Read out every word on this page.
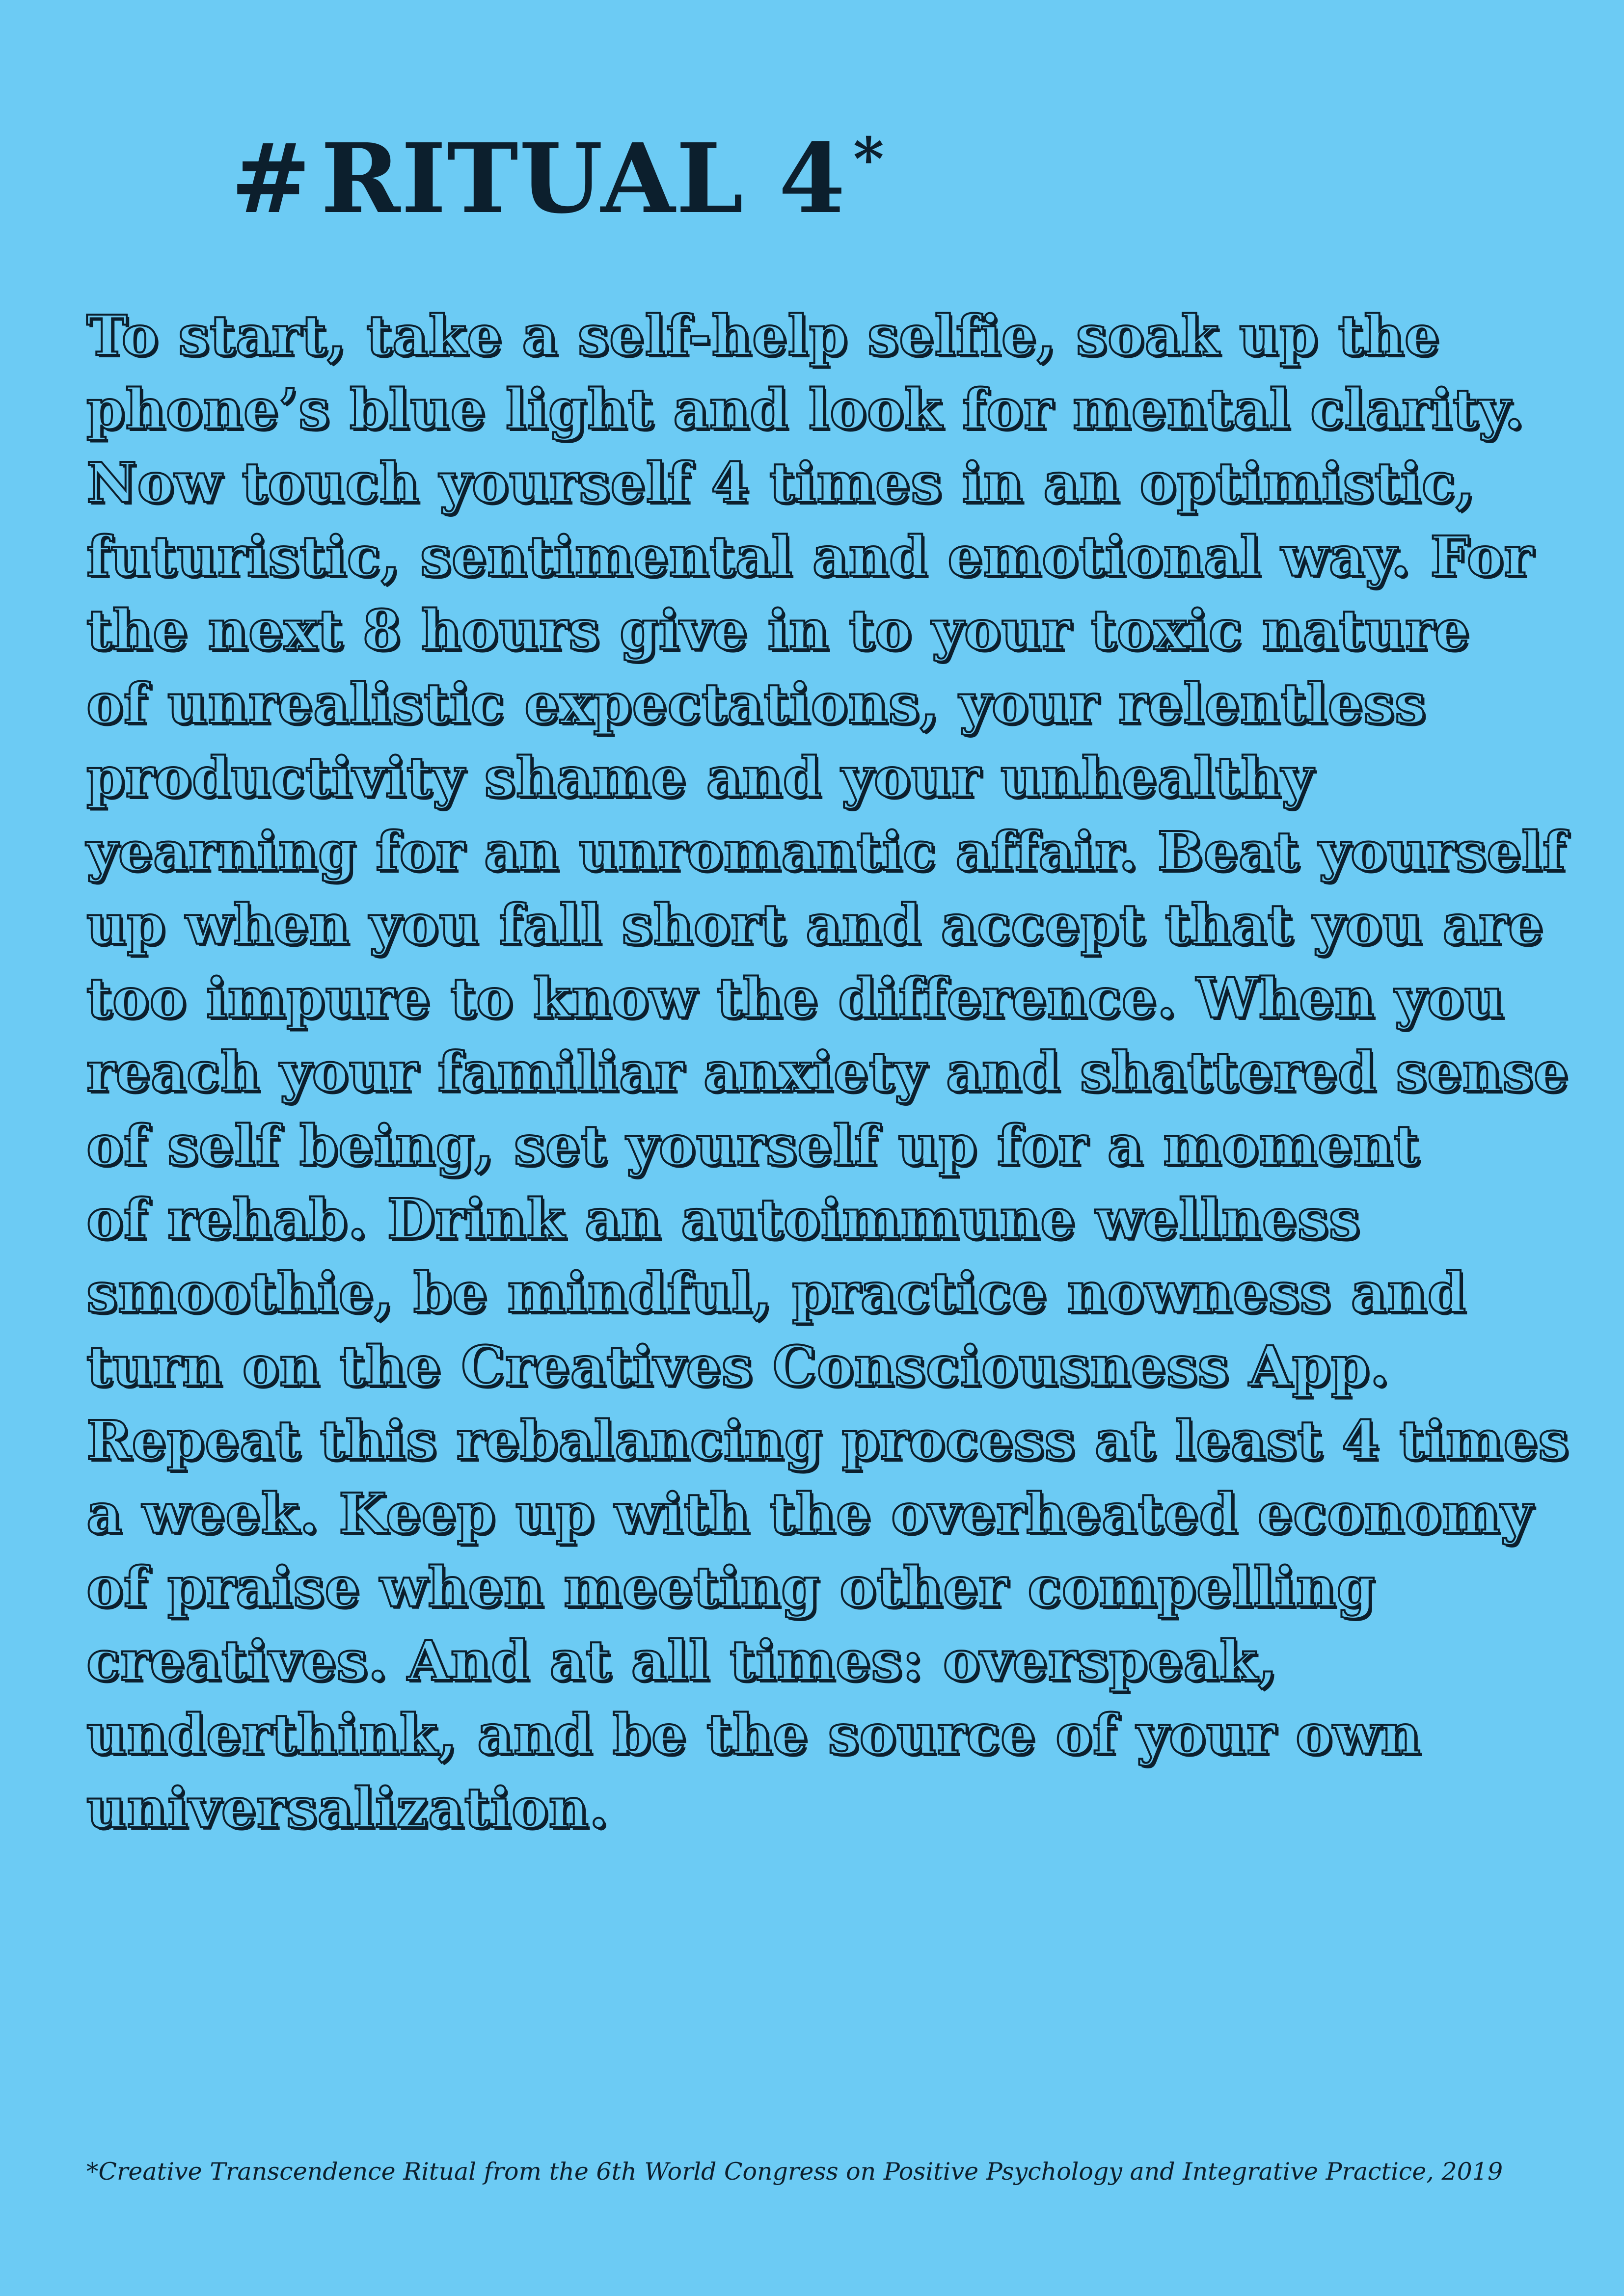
#RITUAL 4 *
To start, take a self-help selfie, soak up the
phone’s blue light and look for mental clarity.
Now touch yourself 4 times in an optimistic,
futuristic, sentimental and emotional way. For
the next 8 hours give in to your toxic nature
of unrealistic expectations, your relentless
productivity shame and your unhealthy
yearning for an unromantic affair. Beat yourself
up when you fall short and accept that you are
too impure to know the difference. When you
reach your familiar anxiety and shattered sense
of self being, set yourself up for a moment
of rehab. Drink an autoimmune wellness
smoothie, be mindful, practice nowness and
turn on the Creatives Consciousness App.
Repeat this rebalancing process at least 4 times
a week. Keep up with the overheated economy
of praise when meeting other compelling
creatives. And at all times: overspeak,
underthink, and be the source of your own
universalization.

*Creative Transcendence Ritual from the 6th World Congress on Positive Psychology and Integrative Practice, 2019
